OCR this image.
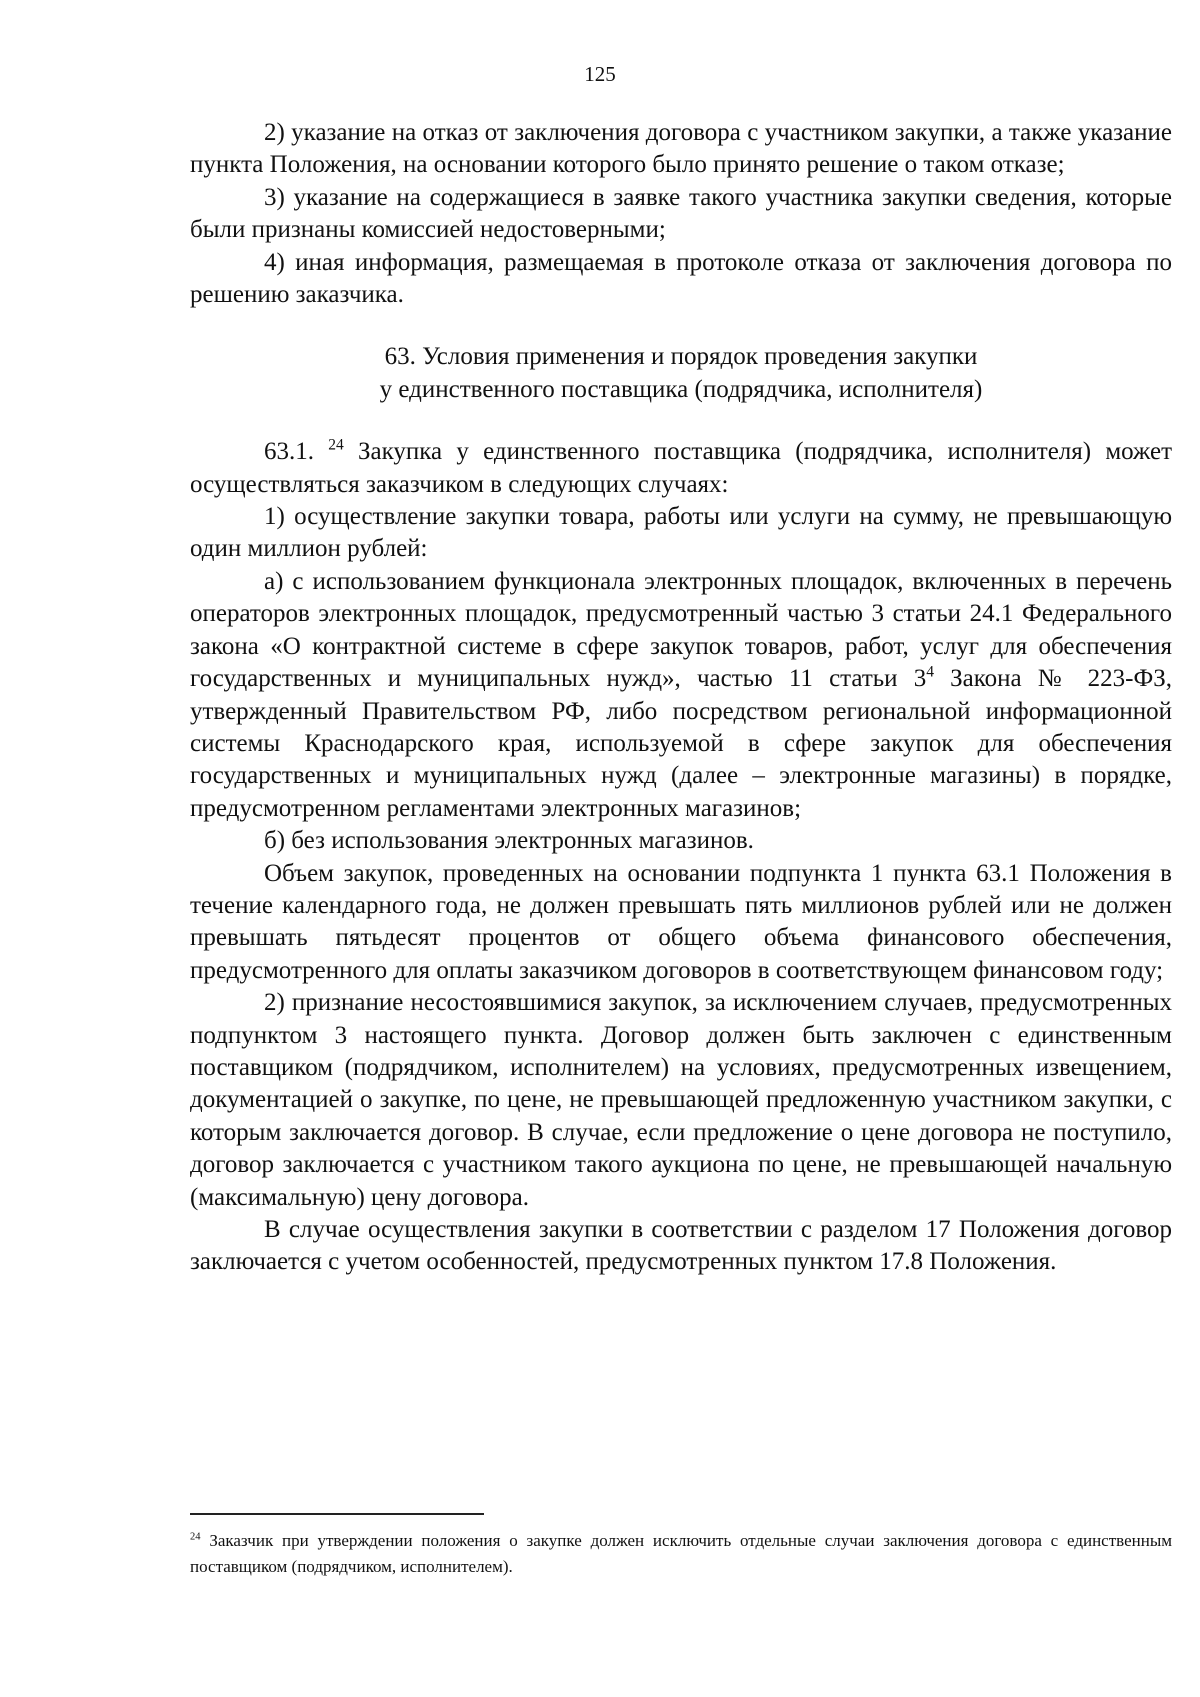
125

2) указание на отказ от заключения договора с участником закупки, а также указание пункта Положения, на основании которого было принято решение о таком отказе;

3) указание на содержащиеся в заявке такого участника закупки сведения, которые были признаны комиссией недостоверными;

4) иная информация, размещаемая в протоколе отказа от заключения договора по решению заказчика.

63. Условия применения и порядок проведения закупки
у единственного поставщика (подрядчика, исполнителя)

63.1. $^{24}$ Закупка у единственного поставщика (подрядчика, исполнителя) может осуществляться заказчиком в следующих случаях:

1) осуществление закупки товара, работы или услуги на сумму, не превышающую один миллион рублей:

а) с использованием функционала электронных площадок, включенных в перечень операторов электронных площадок, предусмотренный частью 3 статьи 24.1 Федерального закона «О контрактной системе в сфере закупок товаров, работ, услуг для обеспечения государственных и муниципальных нужд», частью 11 статьи $3^4$ Закона № 223-ФЗ, утвержденный Правительством РФ, либо посредством региональной информационной системы Краснодарского края, используемой в сфере закупок для обеспечения государственных и муниципальных нужд (далее – электронные магазины) в порядке, предусмотренном регламентами электронных магазинов;

б) без использования электронных магазинов.

Объем закупок, проведенных на основании подпункта 1 пункта 63.1 Положения в течение календарного года, не должен превышать пять миллионов рублей или не должен превышать пятьдесят процентов от общего объема финансового обеспечения, предусмотренного для оплаты заказчиком договоров в соответствующем финансовом году;

2) признание несостоявшимися закупок, за исключением случаев, предусмотренных подпунктом 3 настоящего пункта. Договор должен быть заключен с единственным поставщиком (подрядчиком, исполнителем) на условиях, предусмотренных извещением, документацией о закупке, по цене, не превышающей предложенную участником закупки, с которым заключается договор. В случае, если предложение о цене договора не поступило, договор заключается с участником такого аукциона по цене, не превышающей начальную (максимальную) цену договора.

В случае осуществления закупки в соответствии с разделом 17 Положения договор заключается с учетом особенностей, предусмотренных пунктом 17.8 Положения.

$^{24}$ Заказчик при утверждении положения о закупке должен исключить отдельные случаи заключения договора с единственным поставщиком (подрядчиком, исполнителем).
